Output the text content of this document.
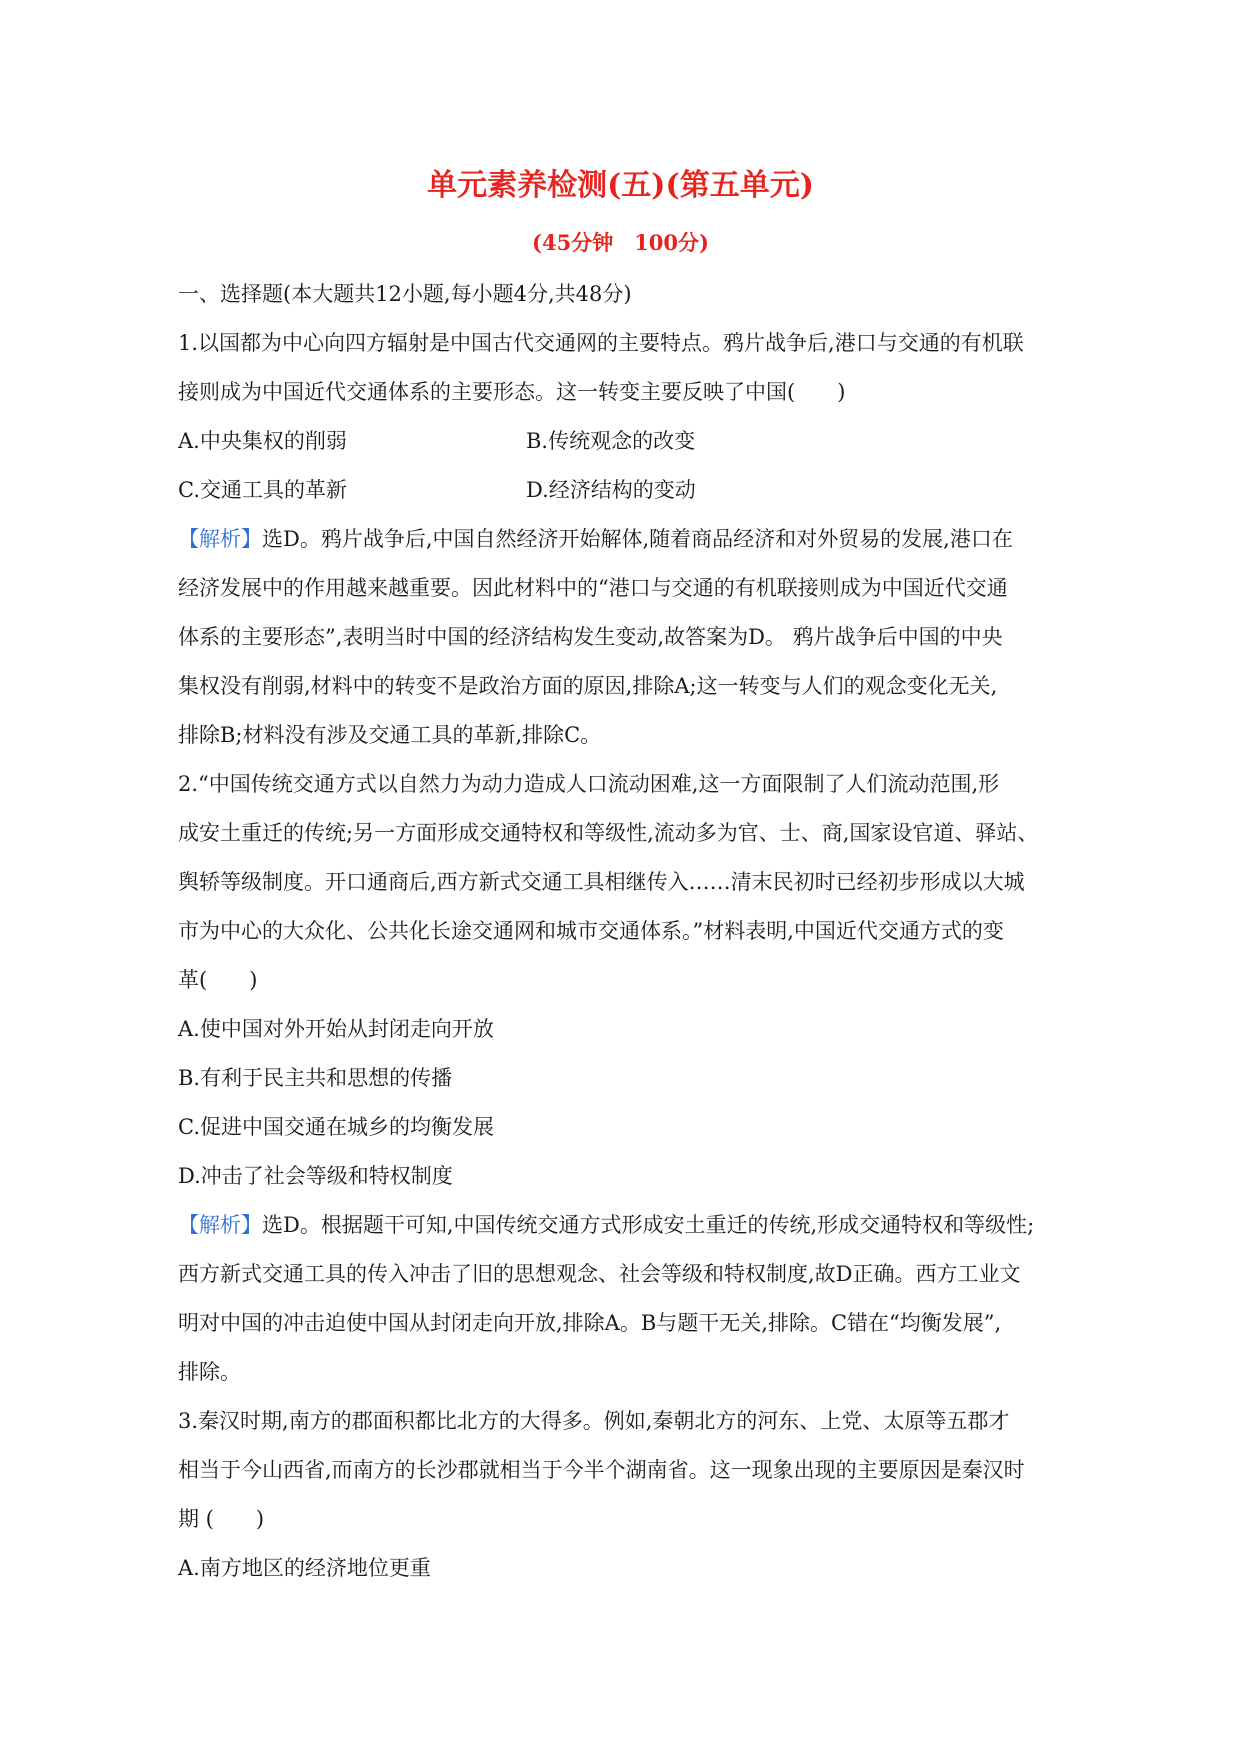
单元素养检测(五)(第五单元)
(45分钟　100分)

一、选择题(本大题共12小题,每小题4分,共48分)

1.以国都为中心向四方辐射是中国古代交通网的主要特点。鸦片战争后,港口与交通的有机联

接则成为中国近代交通体系的主要形态。这一转变主要反映了中国(　　)

A.中央集权的削弱	B.传统观念的改变

C.交通工具的革新	D.经济结构的变动

【解析】选D。鸦片战争后,中国自然经济开始解体,随着商品经济和对外贸易的发展,港口在

经济发展中的作用越来越重要。因此材料中的“港口与交通的有机联接则成为中国近代交通

体系的主要形态”,表明当时中国的经济结构发生变动,故答案为D。 鸦片战争后中国的中央

集权没有削弱,材料中的转变不是政治方面的原因,排除A;这一转变与人们的观念变化无关,

排除B;材料没有涉及交通工具的革新,排除C。

2.“中国传统交通方式以自然力为动力造成人口流动困难,这一方面限制了人们流动范围,形

成安土重迁的传统;另一方面形成交通特权和等级性,流动多为官、士、商,国家设官道、驿站、

舆轿等级制度。开口通商后,西方新式交通工具相继传入……清末民初时已经初步形成以大城

市为中心的大众化、公共化长途交通网和城市交通体系。”材料表明,中国近代交通方式的变

革(　　)

A.使中国对外开始从封闭走向开放

B.有利于民主共和思想的传播

C.促进中国交通在城乡的均衡发展

D.冲击了社会等级和特权制度

【解析】选D。根据题干可知,中国传统交通方式形成安土重迁的传统,形成交通特权和等级性;

西方新式交通工具的传入冲击了旧的思想观念、社会等级和特权制度,故D正确。西方工业文

明对中国的冲击迫使中国从封闭走向开放,排除A。B与题干无关,排除。C错在“均衡发展”,

排除。

3.秦汉时期,南方的郡面积都比北方的大得多。例如,秦朝北方的河东、上党、太原等五郡才

相当于今山西省,而南方的长沙郡就相当于今半个湖南省。这一现象出现的主要原因是秦汉时

期 (　　)

A.南方地区的经济地位更重
